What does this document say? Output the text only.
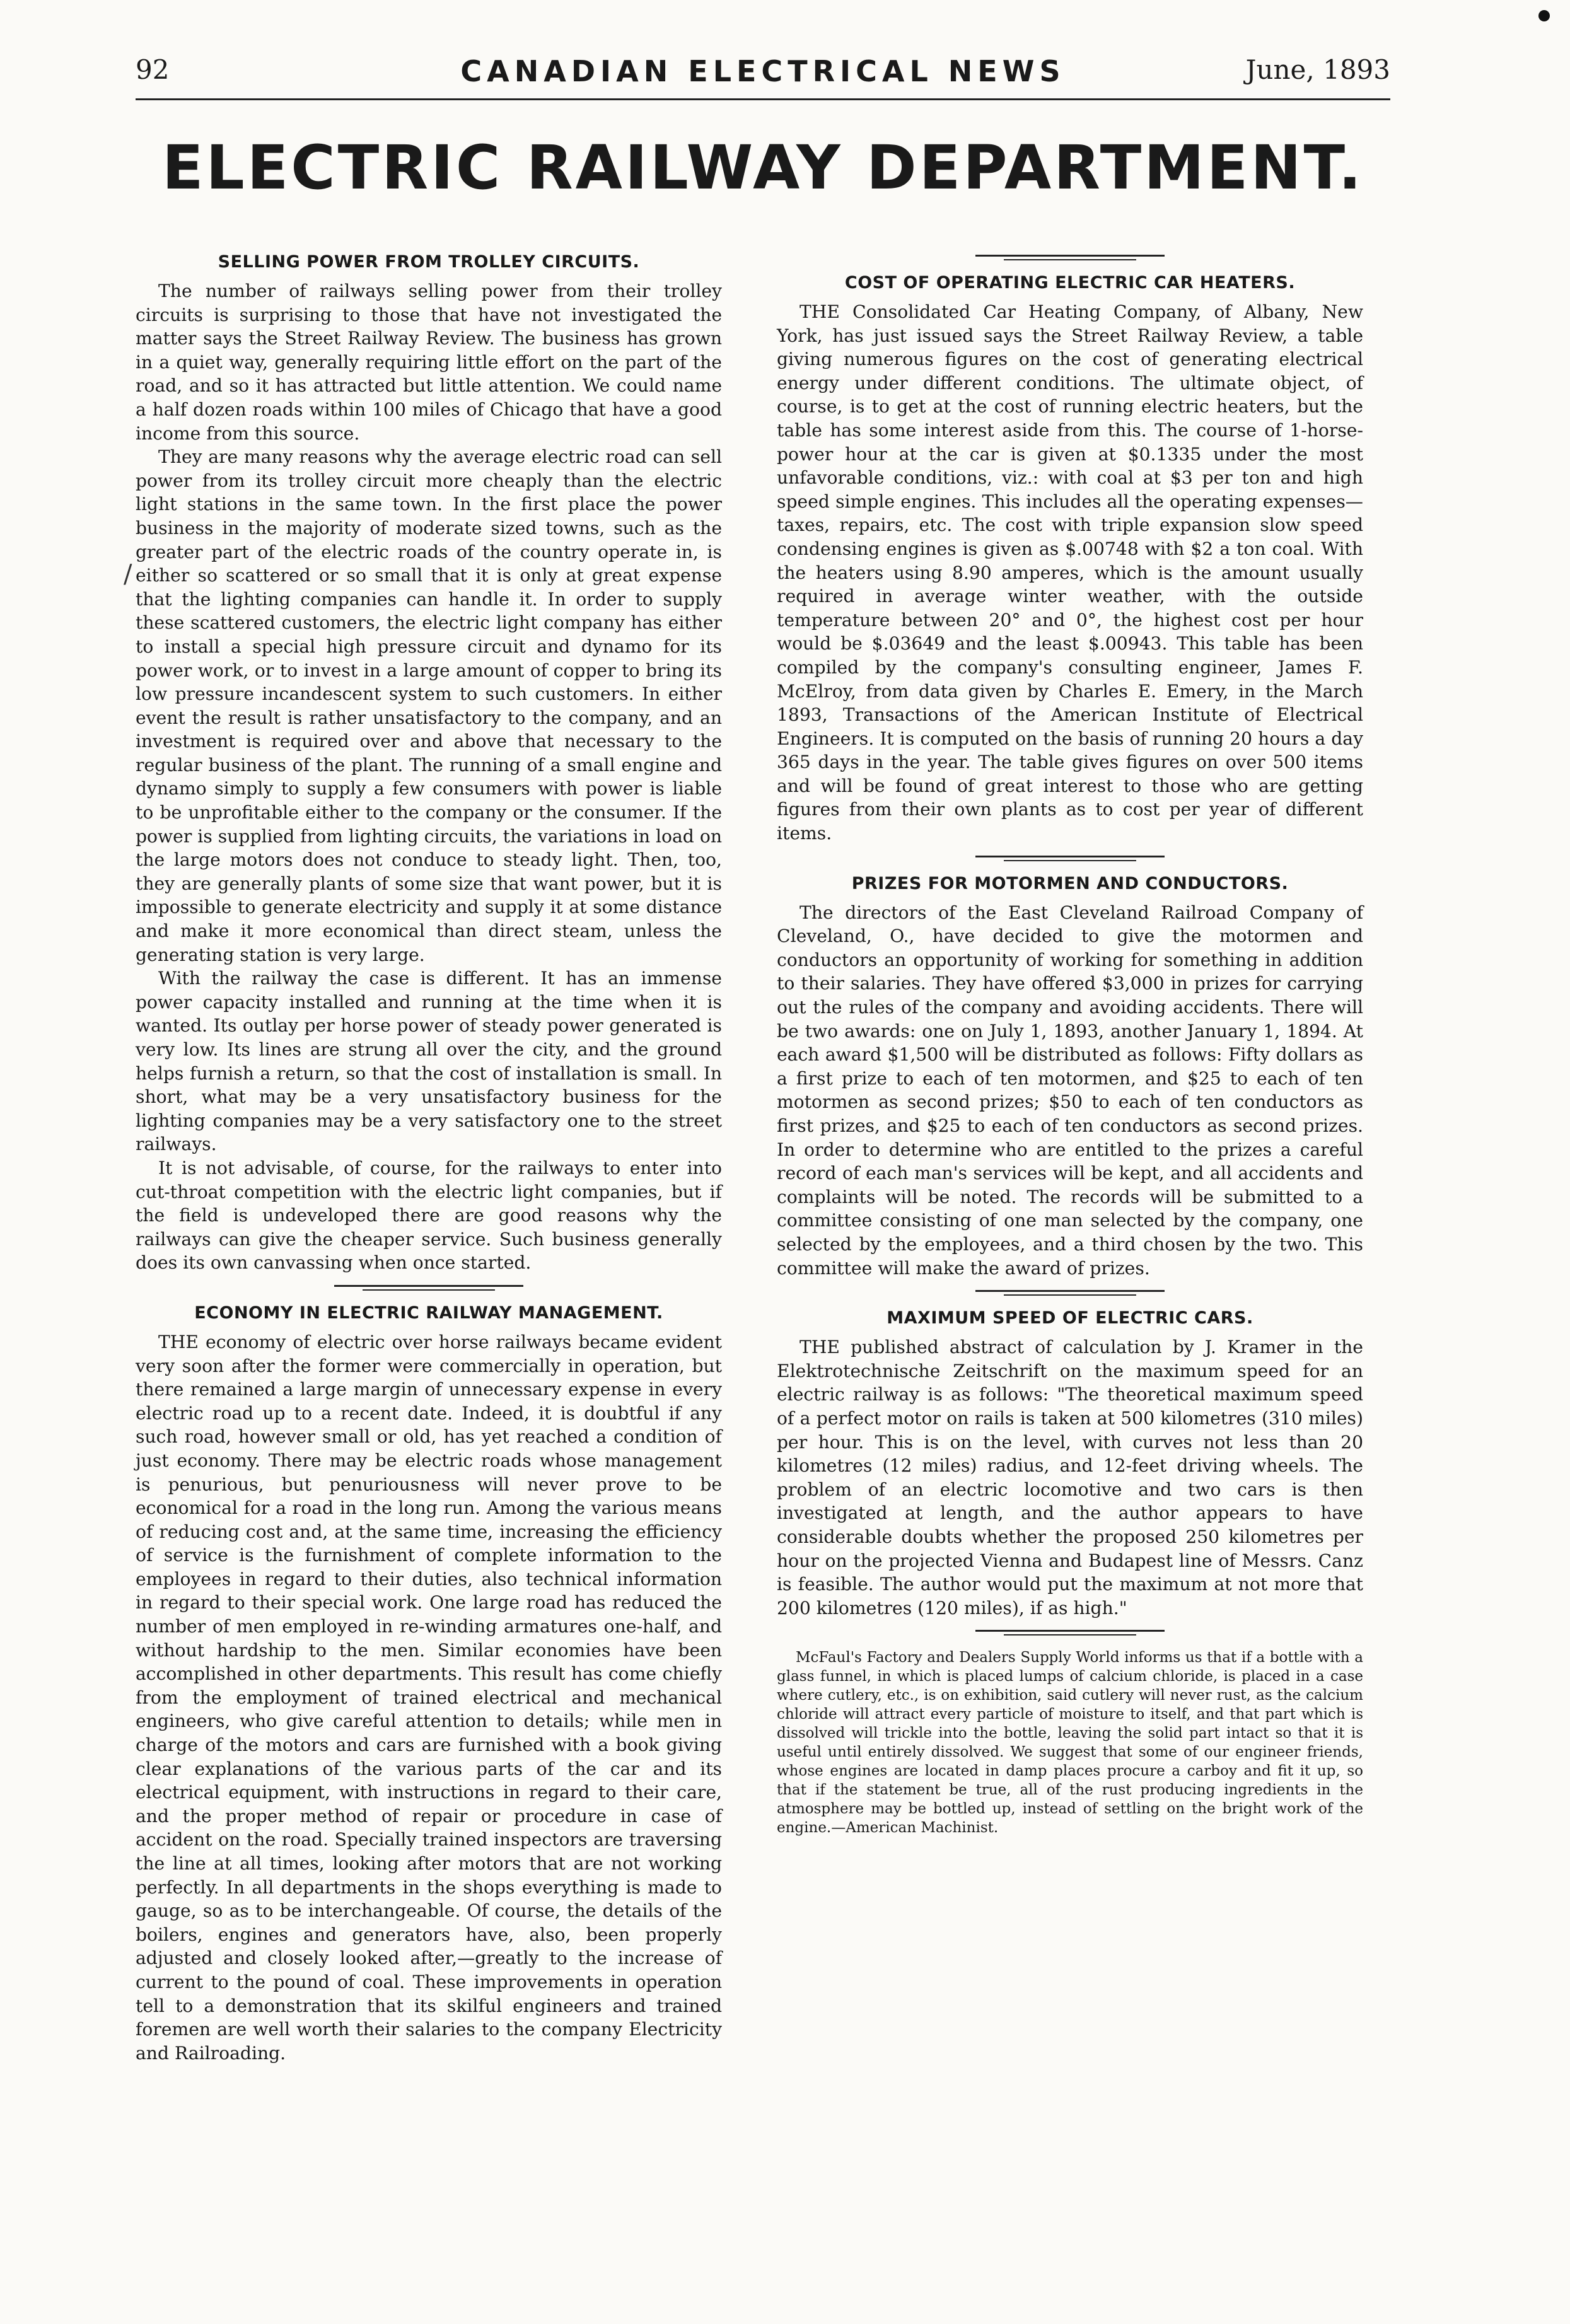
92	CANADIAN ELECTRICAL NEWS	June, 1893
ELECTRIC RAILWAY DEPARTMENT.
/
SELLING POWER FROM TROLLEY CIRCUITS.

The number of railways selling power from their trolley circuits is surprising to those that have not investigated the matter says the Street Railway Review. The business has grown in a quiet way, generally requiring little effort on the part of the road, and so it has attracted but little attention. We could name a half dozen roads within 100 miles of Chicago that have a good income from this source.

They are many reasons why the average electric road can sell power from its trolley circuit more cheaply than the electric light stations in the same town. In the first place the power business in the majority of moderate sized towns, such as the greater part of the electric roads of the country operate in, is either so scattered or so small that it is only at great expense that the lighting companies can handle it. In order to supply these scattered customers, the electric light company has either to install a special high pressure circuit and dynamo for its power work, or to invest in a large amount of copper to bring its low pressure incandescent system to such customers. In either event the result is rather unsatisfactory to the company, and an investment is required over and above that necessary to the regular business of the plant. The running of a small engine and dynamo simply to supply a few consumers with power is liable to be unprofitable either to the company or the consumer. If the power is supplied from lighting circuits, the variations in load on the large motors does not conduce to steady light. Then, too, they are generally plants of some size that want power, but it is impossible to generate electricity and supply it at some distance and make it more economical than direct steam, unless the generating station is very large.

With the railway the case is different. It has an immense power capacity installed and running at the time when it is wanted. Its outlay per horse power of steady power generated is very low. Its lines are strung all over the city, and the ground helps furnish a return, so that the cost of installation is small. In short, what may be a very unsatisfactory business for the lighting companies may be a very satisfactory one to the street railways.

It is not advisable, of course, for the railways to enter into cut-throat competition with the electric light companies, but if the field is undeveloped there are good reasons why the railways can give the cheaper service. Such business generally does its own canvassing when once started.

ECONOMY IN ELECTRIC RAILWAY MANAGEMENT.

THE economy of electric over horse railways became evident very soon after the former were commercially in operation, but there remained a large margin of unnecessary expense in every electric road up to a recent date. Indeed, it is doubtful if any such road, however small or old, has yet reached a condition of just economy. There may be electric roads whose management is penurious, but penuriousness will never prove to be economical for a road in the long run. Among the various means of reducing cost and, at the same time, increasing the efficiency of service is the furnishment of complete information to the employees in regard to their duties, also technical information in regard to their special work. One large road has reduced the number of men employed in re-winding armatures one-half, and without hardship to the men. Similar economies have been accomplished in other departments. This result has come chiefly from the employment of trained electrical and mechanical engineers, who give careful attention to details; while men in charge of the motors and cars are furnished with a book giving clear explanations of the various parts of the car and its electrical equipment, with instructions in regard to their care, and the proper method of repair or procedure in case of accident on the road. Specially trained inspectors are traversing the line at all times, looking after motors that are not working perfectly. In all departments in the shops everything is made to gauge, so as to be interchangeable. Of course, the details of the boilers, engines and generators have, also, been properly adjusted and closely looked after,—greatly to the increase of current to the pound of coal. These improvements in operation tell to a demonstration that its skilful engineers and trained foremen are well worth their salaries to the company Electricity and Railroading.

COST OF OPERATING ELECTRIC CAR HEATERS.

THE Consolidated Car Heating Company, of Albany, New York, has just issued says the Street Railway Review, a table giving numerous figures on the cost of generating electrical energy under different conditions. The ultimate object, of course, is to get at the cost of running electric heaters, but the table has some interest aside from this. The course of 1-horse-power hour at the car is given at $0.1335 under the most unfavorable conditions, viz.: with coal at $3 per ton and high speed simple engines. This includes all the operating expenses—taxes, repairs, etc. The cost with triple expansion slow speed condensing engines is given as $.00748 with $2 a ton coal. With the heaters using 8.90 amperes, which is the amount usually required in average winter weather, with the outside temperature between 20° and 0°, the highest cost per hour would be $.03649 and the least $.00943. This table has been compiled by the company's consulting engineer, James F. McElroy, from data given by Charles E. Emery, in the March 1893, Transactions of the American Institute of Electrical Engineers. It is computed on the basis of running 20 hours a day 365 days in the year. The table gives figures on over 500 items and will be found of great interest to those who are getting figures from their own plants as to cost per year of different items.

PRIZES FOR MOTORMEN AND CONDUCTORS.

The directors of the East Cleveland Railroad Company of Cleveland, O., have decided to give the motormen and conductors an opportunity of working for something in addition to their salaries. They have offered $3,000 in prizes for carrying out the rules of the company and avoiding accidents. There will be two awards: one on July 1, 1893, another January 1, 1894. At each award $1,500 will be distributed as follows: Fifty dollars as a first prize to each of ten motormen, and $25 to each of ten motormen as second prizes; $50 to each of ten conductors as first prizes, and $25 to each of ten conductors as second prizes. In order to determine who are entitled to the prizes a careful record of each man's services will be kept, and all accidents and complaints will be noted. The records will be submitted to a committee consisting of one man selected by the company, one selected by the employees, and a third chosen by the two. This committee will make the award of prizes.

MAXIMUM SPEED OF ELECTRIC CARS.

THE published abstract of calculation by J. Kramer in the Elektrotechnische Zeitschrift on the maximum speed for an electric railway is as follows: "The theoretical maximum speed of a perfect motor on rails is taken at 500 kilometres (310 miles) per hour. This is on the level, with curves not less than 20 kilometres (12 miles) radius, and 12-feet driving wheels. The problem of an electric locomotive and two cars is then investigated at length, and the author appears to have considerable doubts whether the proposed 250 kilometres per hour on the projected Vienna and Budapest line of Messrs. Canz is feasible. The author would put the maximum at not more that 200 kilometres (120 miles), if as high."

McFaul's Factory and Dealers Supply World informs us that if a bottle with a glass funnel, in which is placed lumps of calcium chloride, is placed in a case where cutlery, etc., is on exhibition, said cutlery will never rust, as the calcium chloride will attract every particle of moisture to itself, and that part which is dissolved will trickle into the bottle, leaving the solid part intact so that it is useful until entirely dissolved. We suggest that some of our engineer friends, whose engines are located in damp places procure a carboy and fit it up, so that if the statement be true, all of the rust producing ingredients in the atmosphere may be bottled up, instead of settling on the bright work of the engine.—American Machinist.
